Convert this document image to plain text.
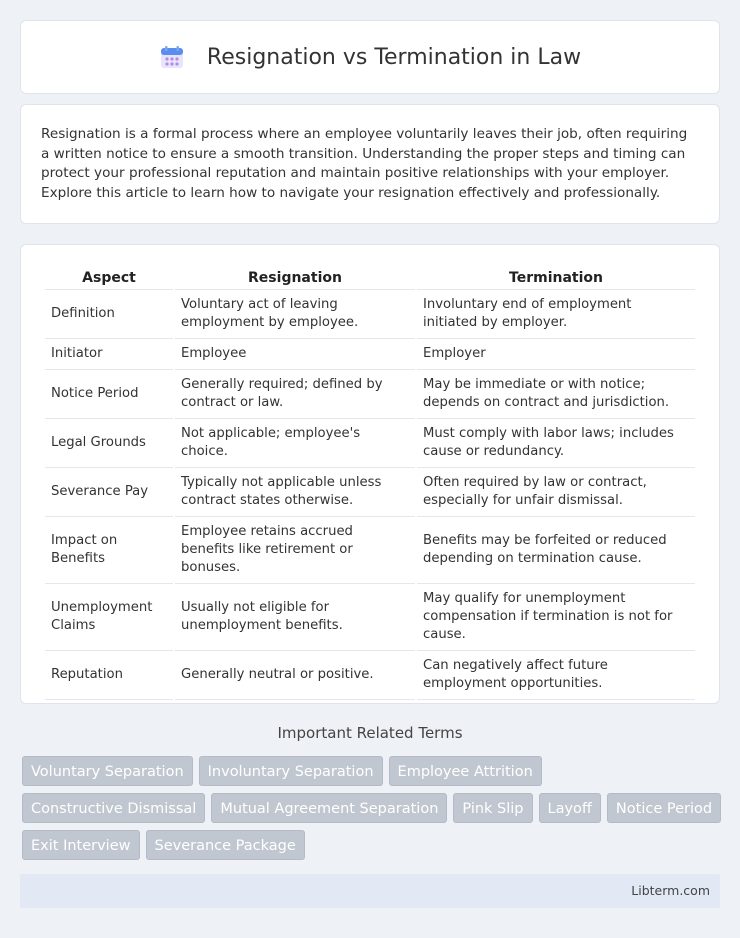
Resignation vs Termination in Law

Resignation is a formal process where an employee voluntarily leaves their job, often requiring a written notice to ensure a smooth transition. Understanding the proper steps and timing can protect your professional reputation and maintain positive relationships with your employer. Explore this article to learn how to navigate your resignation effectively and professionally.

Aspect	Resignation	Termination
Definition	Voluntary act of leaving employment by employee.	Involuntary end of employment initiated by employer.
Initiator	Employee	Employer
Notice Period	Generally required; defined by contract or law.	May be immediate or with notice; depends on contract and jurisdiction.
Legal Grounds	Not applicable; employee's choice.	Must comply with labor laws; includes cause or redundancy.
Severance Pay	Typically not applicable unless contract states otherwise.	Often required by law or contract, especially for unfair dismissal.
Impact on Benefits	Employee retains accrued benefits like retirement or bonuses.	Benefits may be forfeited or reduced depending on termination cause.
Unemployment Claims	Usually not eligible for unemployment benefits.	May qualify for unemployment compensation if termination is not for cause.
Reputation	Generally neutral or positive.	Can negatively affect future employment opportunities.
Important Related Terms
Voluntary Separation	Involuntary Separation	Employee Attrition
Constructive Dismissal	Mutual Agreement Separation	Pink Slip	Layoff	Notice Period
Exit Interview	Severance Package
Libterm.com
